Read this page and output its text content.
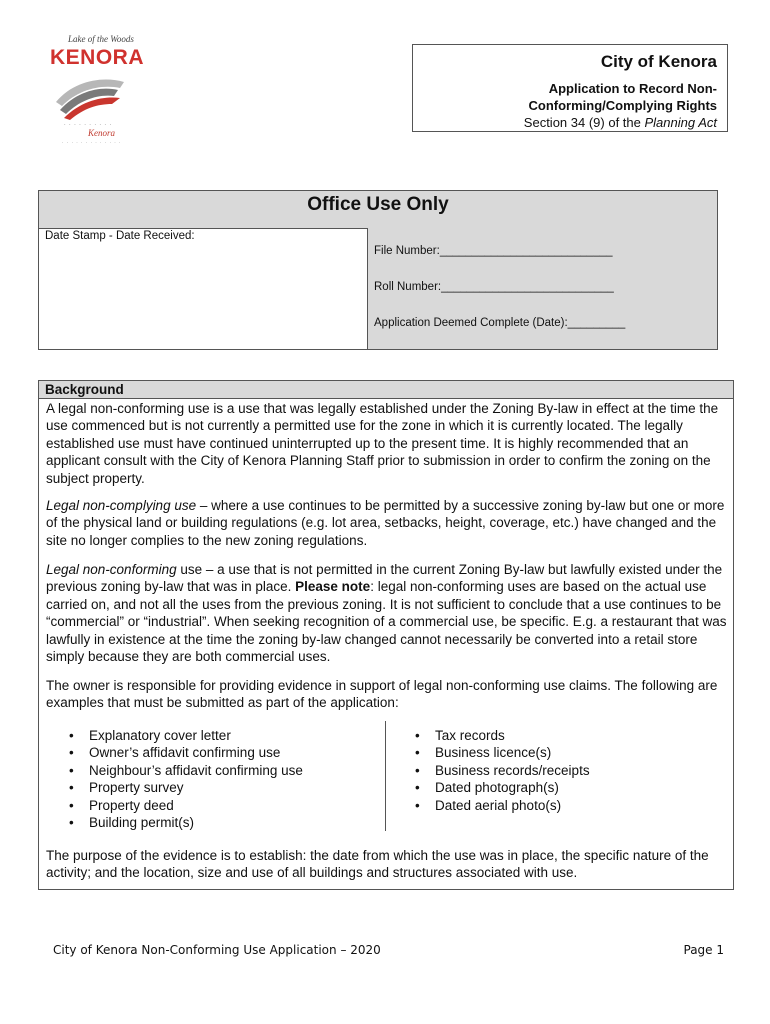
Lake of the Woods
KENORA
· · · · · · · · · ·
Kenora
· · · · · · · · · · · · ·
City of Kenora
Application to Record Non-
Conforming/Complying Rights
Section 34 (9) of the Planning Act
Office Use Only
Date Stamp - Date Received:
File Number:___________________________
Roll Number:___________________________
Application Deemed Complete (Date):_________
Background

A legal non-conforming use is a use that was legally established under the Zoning By-law in effect at the time the use commenced but is not currently a permitted use for the zone in which it is currently located. The legally established use must have continued uninterrupted up to the present time. It is highly recommended that an applicant consult with the City of Kenora Planning Staff prior to submission in order to confirm the zoning on the subject property.

Legal non-complying use – where a use continues to be permitted by a successive zoning by-law but one or more of the physical land or building regulations (e.g. lot area, setbacks, height, coverage, etc.) have changed and the site no longer complies to the new zoning regulations.

Legal non-conforming use – a use that is not permitted in the current Zoning By-law but lawfully existed under the previous zoning by-law that was in place. Please note: legal non-conforming uses are based on the actual use carried on, and not all the uses from the previous zoning. It is not sufficient to conclude that a use continues to be “commercial” or “industrial”. When seeking recognition of a commercial use, be specific. E.g. a restaurant that was lawfully in existence at the time the zoning by-law changed cannot necessarily be converted into a retail store simply because they are both commercial uses.

The owner is responsible for providing evidence in support of legal non-conforming use claims. The following are examples that must be submitted as part of the application:

• Explanatory cover letter
• Owner’s affidavit confirming use
• Neighbour’s affidavit confirming use
• Property survey
• Property deed
• Building permit(s)
• Tax records
• Business licence(s)
• Business records/receipts
• Dated photograph(s)
• Dated aerial photo(s)

The purpose of the evidence is to establish: the date from which the use was in place, the specific nature of the activity; and the location, size and use of all buildings and structures associated with use.

City of Kenora Non-Conforming Use Application – 2020	Page 1
